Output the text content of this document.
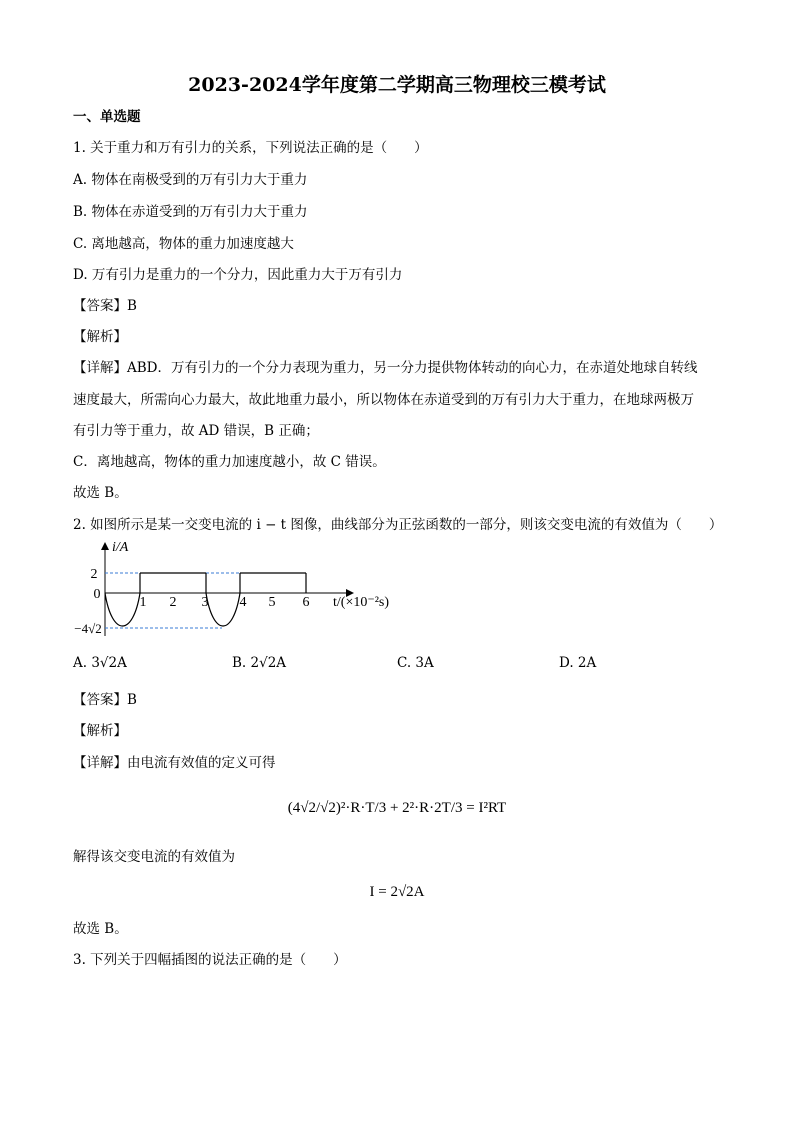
2023-2024学年度第二学期高三物理校三模考试
一、单选题
1. 关于重力和万有引力的关系，下列说法正确的是（　　）
A. 物体在南极受到的万有引力大于重力
B. 物体在赤道受到的万有引力大于重力
C. 离地越高，物体的重力加速度越大
D. 万有引力是重力的一个分力，因此重力大于万有引力
【答案】B
【解析】
【详解】ABD．万有引力的一个分力表现为重力，另一分力提供物体转动的向心力，在赤道处地球自转线
速度最大，所需向心力最大，故此地重力最小，所以物体在赤道受到的万有引力大于重力，在地球两极万
有引力等于重力，故 AD 错误，B 正确；
C．离地越高，物体的重力加速度越小，故 C 错误。
故选 B。
2. 如图所示是某一交变电流的 i − t 图像，曲线部分为正弦函数的一部分，则该交变电流的有效值为（　　）
i/A
2
0
−4√2
1 2 3 4 5 6 t/(×10⁻²s)
A. 3√2A	B. 2√2A	C. 3A	D. 2A
【答案】B
【解析】
【详解】由电流有效值的定义可得
(4√2/√2)²·R·T/3 + 2²·R·2T/3 = I²RT
解得该交变电流的有效值为
I = 2√2A
故选 B。
3. 下列关于四幅插图的说法正确的是（　　）
